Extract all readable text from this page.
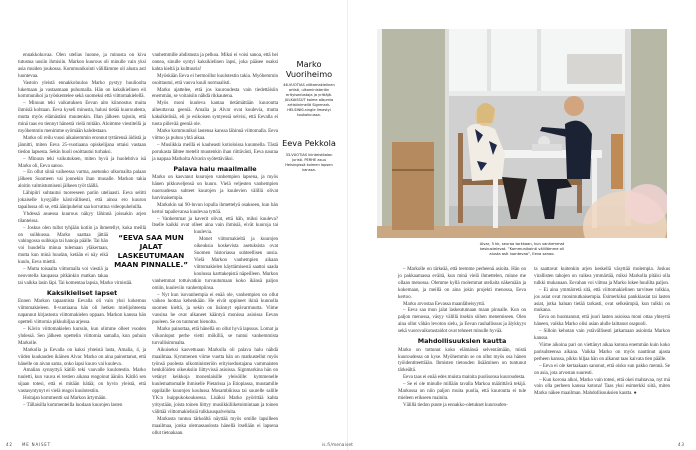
ennakkokuvaa. Olen utelias luonne, ja minusta on kiva tutustua uusiin ihmisiin. Markon kuurous oli minulle vain yksi asia muiden joukossa. Kommunikointi välillämme oli alusta asti luontevaa.

Vastoin yleistä ennakkoluuloa Marko pystyy huulioolta lukemaan ja vastaamaan puhumalla. Hän on kaksikielinen eli kommunikoi ja työskentelee sekä suomeksi että viittomakielellä.

– Minuun teki vaikutuksen Eevan aito kiinnostus muita ihmisiä kohtaan. Eeva kyseli minusta, halusi tietää kuuroudesta, mutta myös elämästäni muutenkin. Illan jälkeen tajusin, että minä taas en tiennyt hänestä vielä mitään. Aloimme viestitellä ja myöhemmin menimme syömään kahdestaan.

Marko oli reilu vuosi aikaisemmin eronnut tyttärensä äidistä ja jännitti, miten Eeva 25-vuotiaana opiskelijana ottaisi vastaan tiedon lapsesta. Sekin huoli osoittautui turhaksi.

– Minuun teki vaikutuksen, miten hyvä ja huolehtiva isä Marko oli, Eeva sanoo.

– En ollut siinä vaiheessa varma, asetunko ulkomailta palaan jälkeen Suomeen vai jonnekin ihan muualle. Markon takia aloitin valmistumiseni jälkeen työt täällä.

Lähipiiri suhtautui tuoreeseen pariin uteliaasti. Eeva selitti jokaiselle kysyjälle kärsivällisesti, että ainoa ero kuuron tapailussa oli se, että äänipuhelut saa korvattua videopuheluilla.

Yhdessä asuessa kuurous näkyy lähinnä joissakin arjen tilanteissa.

– Joskus olen tullut tyhjään kotiin ja ihmetellyt, kuka meillä on suihkussa. Marko saattaa jättää vahingossa suihkuja tai hanoja päälle. Tai hän voi huudella minua tulemaan yläkertaan, mutta kun minä huudan, ketään ei näy eikä kuulu, Eeva miettii.

– Mutta toisaalta viittomalla voi viestiä ja neuvotella kaupassa pitkänkin matkan takaa tai vaikka lasin läpi. Tai komentaa lapsia, Marko virnistää.

Kaksikieliset lapset

Ennen Markon tapaamista Eevalla oli vain yksi kokemus viittomakieleen. 8-vuotiaana hän oli hetken mielijohteesta napannut kirjastosta viittomakielen oppaan. Markon kanssa hän opetteli viittomia pikkuhiljaa arjessa.

– Kävin viittomakielen kurssin, kun olimme olleet vuoden yhdessä. Sen jälkeen opettelin viittomia samalla, kun puhuin Markolle.

Markolla ja Eevalla on kaksi yhteistä lasta, Amalia, 4, ja viiden kuukauden ikäinen Alvar. Marko on aina painottanut, että hänelle on aivan sama, onko lapsi kuuro vai kuuleva.

Amalian synnyttyä kätilö teki vauvalle kuulotestin. Marko tuuletti, kun vauva ei testien aikana reagoinut ääniin. Kätilö sen sijaan totesi, että ei mitään hätää; on hyvin yleistä, että vastasyntynyt ei vielä reagoi kuulotestiin.

Hoitajan kommentti sai Markon ärtymään.

– Tällaisilla kommenteilla luodaan kuurojen lasten

vanhemmille ahdistusta ja pelkoa. Miksi ei voisi sanoa, että hei onnea, sinulle syntyi kaksikielinen lapsi, joka pääsee osaksi kahta kieltä ja kulttuuria!

Myöskään Eeva ei hermoillut kuulotestin takia. Myöhemmin osoittautui, että vauva kuuli normaalisti.

Marko ajattelee, että jos kuuroudesta vain tiedettäisiin enemmän, se voitaisiin nähdä rikkautena.

Myös moni kuuleva kantaa tietämättään kuuroutta aiheuttavaa geeniä. Amalia ja Alvar ovat kuulevia, mutta kaksikielisiä, eli jo esikoisen syntyessä selvisi, että Eevalla ei tuota piilevää geeniä ole.

Marko kommunikoi lastensa kanssa lähinnä viittomalla. Eeva viittoo ja puhuu yhtä aikaa.

– Musiikkia meillä ei kauheasti kotioloissa kuunnella. Tästä porukasta lähtee metelit muutenkin ihan riittävästi, Eeva nauraa ja nappaa Markolta Alvarin syötettäväksi.

Palava halu maailmalle

Marko on kasvanut kuurojen vanhempien lapsena, ja myös hänen pikkuveljensä on kuuro. Vielä veljesten vanhempien nuoruudessa suhteet kuurojen ja kuulevien välillä olivat harvinaisempia.

Markokin sai 90-luvun lopulla ihmettelyä osakseen, kun hän kertoi tapailevansa kuulevaa tyttöä.

– Vanhemmat ja kaverit olivat, että häh, miksi kuuleva? Itselle kaikki ovat olleet aina vain ihmisiä, eivät kuuroja tai kuulevia.

Monet viittomakieltä ja kuurojen oikeuksia koskevista asetuksista ovat Suomen historiassa suhteellisen uusia. Vielä Markon vanhempien aikaan viittomakielen käyttämisestä saattoi saada koulussa karttakepistä näpeilleen. Markon vanhemmat tottuivatkin turvautumaan koko ikänsä paljon omiin, kuuleviin vanhempiinsa.

– Nyt kun isovanhempia ei enää ole, vanhempien on ollut vaikea luottaa kehenkään. He eivät oppineet ikinä kunnolla suomen kieltä, ja sekin on lisännyt epävarmuutta. Viime vuosina he ovat alkaneet kääntyä monissa asioissa Eevan puoleen. Se on tuntunut hienolta.

Marko painottaa, että hänellä on ollut hyvä lapsuus. Lomat ja viikonloput perhe vietti mökillä, se tuntui vanhemmista turvallisimmalta.

Aikuiseksi kasvettuaan Markolla oli palava halu nähdä maailmaa. Kymmenen viime vuotta hän on matkustellut myös työnsä puolesta ulkoministeriön erityisedustajana vammaisten henkilöiden oikeuksiin liittyvissä asioissa. Signmarkina hän on vetänyt keikkoja monenlaisille yleisöille: kymmenelle kuulemattomalle ihmiselle Pietarissa ja Etiopiassa, muutamille oppilaille kuurojen koulussa Mosambikissa tai suurelle salille YK:n huippukokouksessa. Lisäksi Marko pyörittää kahta yritystään, joista toinen liittyy musiikkiliiketoimintaan ja toinen välittää viittomakielisiä tulkkauspalveluita.

Markosta tuntuu tärkeältä näyttää myös omille lapsilleen maailmaa, jonka olemassaolosta hänellä itsellään ei lapsena ollut tietoakaan.

“EEVA SAA MUN JALAT LASKEUTUMAAN MAAN PINNALLE.”
Marko Vuoriheimo
46-VUOTIAS viittomakielinen artisti, ulkoministeriön erityisedustaja ja yrittäjä. JULKAISSUT kolme albumia artistinimellä Signmark. HELSINKI-single ilmestyi toukokuussa.
Eeva Pekkola
33-VUOTIAS kiinteistöalan juristi. PERHE asuu Helsingissä kolmen lapsen kanssa.
Alvar, 5 kk, seuraa tarkkaan, kun vanhemmat keskustelevat. ”Kommunikointi välillämme oli alusta asti luontevaa”, Eeva sanoo.

– Markolle on tärkeää, että teemme perheenä asioita. Hän on jo pakkaamassa eväitä, kun minä vielä ihmettelen, minne me ollaan menossa. Olemme kyllä molemmat uteliaita näkemään ja kokemaan, ja meillä on aina jokin projekti menossa, Eeva kertoo.

Marko arvostaa Eevassa maanläheisyyttä.

– Eeva saa mun jalat laskeutumaan maan pinnalle. Kun on paljon menossa, väsyy välillä itsekin siihen menemiseen. Olen aina ollut vähän levoton sielu, ja Eevan rauhallisuus ja älykkyys sekä vuorovaikutustaidot ovat tehneet minulle hyvää.

Mahdollisuuksien kautta

Marko on tottunut koko elämänsä selventämään, mistä kuuroudessa on kyse. Myöhemmin se on ollut myös osa hänen työidentiteettiään. Ihmisten tietouden lisääminen on tuntunut tärkeältä.

Eeva taas ei enää edes muista mainita puolisonsa kuuroudesta.

– Se ei ole minulle millään tavalla Markoa määrittävä tekijä. Markossa on niin paljon muita puolia, että kuuroutta ei tule mieleen erikseen mainita.

Välillä tiedon puute ja ennakko-oletukset kuurouden-

ta saattavat kuitenkin arjen keskellä väsyttää molempia. Joskus virallisten tahojen on vaikea ymmärtää, miksi Markolla pitäisi olla tulkki mukanaan. Eevahan voi viittoa ja Marko lukee huulilta paljon.

– Ei aina ymmärretä sitä, että viittomakielinen tarvitsee tulkkia, jos asiat ovat monimutkaisempia. Esimerkiksi pankkiasiat tai lasten asiat, jotka haluan tietää tarkasti, ovat selkeämpiä, kun tulkki on mukana.

Eeva on huomannut, että juuri lasten asioissa moni ottaa yhteyttä häneen, vaikka Marko olisi asian alulle laittanut osapuoli.

– Silloin kehotan vain ystävällisesti jatkamaan asiointia Markon kanssa.

Viime aikoina pari on viettänyt aikaa kotona enemmän kuin koko parisuhteensa aikana. Vaikka Marko on myös nauttinut ajasta perheen kanssa, pikku hiljaa hän on alkanut taas kaivata tien päälle.

– Eeva ei ole kertaakaan sanonut, että oisko sun pakko mennä. Se on asia, jota arvostan suuresti.

– Kun korona alkoi, Marko vain totesi, että okei mahtavaa, nyt mä voin olla perheen kanssa kotona! Taas yksi esimerkki siitä, miten Marko näkee maailman. Mahdollisuuksien kautta. ●

42 ME NAISET	is.fi/menaiset	43
